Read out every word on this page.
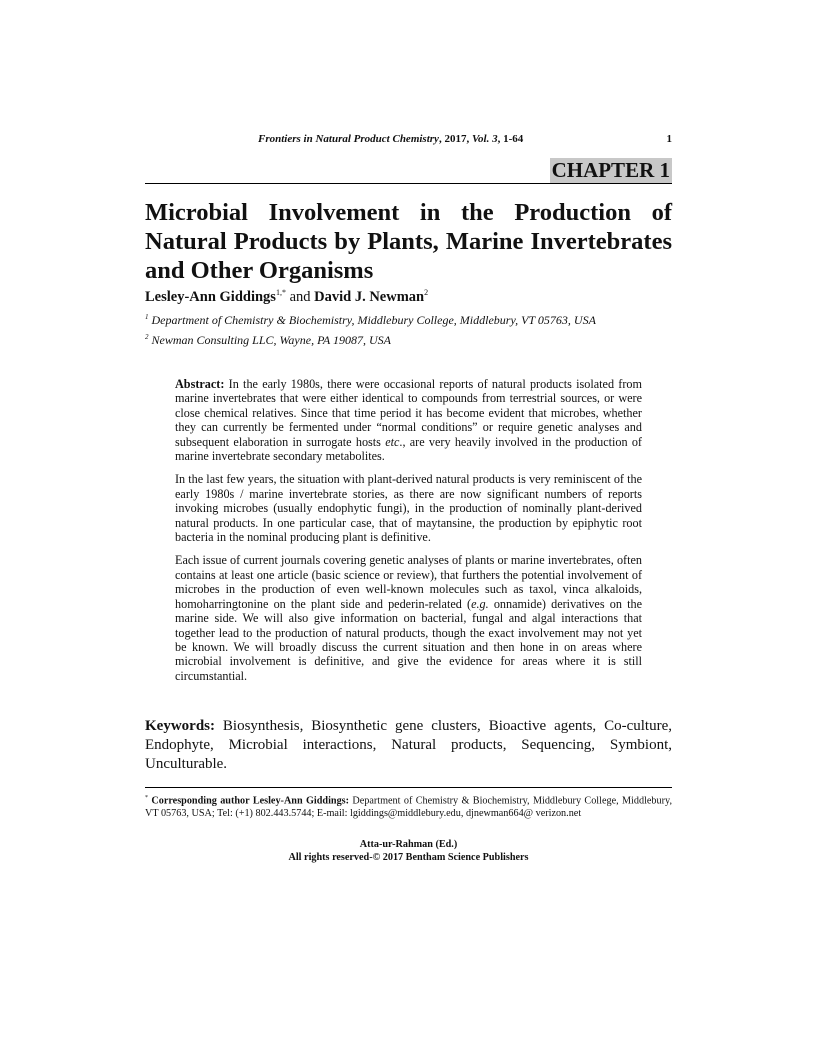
Frontiers in Natural Product Chemistry, 2017, Vol. 3, 1-64	1
CHAPTER 1
Microbial Involvement in the Production of
Natural Products by Plants, Marine Invertebrates and Other Organisms
Lesley-Ann Giddings$^{1,*}$ and David J. Newman$^2$
$^1$ Department of Chemistry & Biochemistry, Middlebury College, Middlebury, VT 05763, USA
$^2$ Newman Consulting LLC, Wayne, PA 19087, USA

Abstract: In the early 1980s, there were occasional reports of natural products isolated from marine invertebrates that were either identical to compounds from terrestrial sources, or were close chemical relatives. Since that time period it has become evident that microbes, whether they can currently be fermented under “normal conditions” or require genetic analyses and subsequent elaboration in surrogate hosts etc., are very heavily involved in the production of marine invertebrate secondary metabolites.

In the last few years, the situation with plant-derived natural products is very reminiscent of the early 1980s / marine invertebrate stories, as there are now significant numbers of reports invoking microbes (usually endophytic fungi), in the production of nominally plant-derived natural products. In one particular case, that of maytansine, the production by epiphytic root bacteria in the nominal producing plant is definitive.

Each issue of current journals covering genetic analyses of plants or marine invertebrates, often contains at least one article (basic science or review), that furthers the potential involvement of microbes in the production of even well-known molecules such as taxol, vinca alkaloids, homoharringtonine on the plant side and pederin-related (e.g. onnamide) derivatives on the marine side. We will also give information on bacterial, fungal and algal interactions that together lead to the production of natural products, though the exact involvement may not yet be known. We will broadly discuss the current situation and then hone in on areas where microbial involvement is definitive, and give the evidence for areas where it is still circumstantial.

Keywords: Biosynthesis, Biosynthetic gene clusters, Bioactive agents, Co-culture, Endophyte, Microbial interactions, Natural products, Sequencing, Symbiont, Unculturable.
* Corresponding author Lesley-Ann Giddings: Department of Chemistry & Biochemistry, Middlebury College, Middlebury, VT 05763, USA; Tel: (+1) 802.443.5744; E-mail: lgiddings@middlebury.edu, djnewman664@ verizon.net
Atta-ur-Rahman (Ed.)
All rights reserved-© 2017 Bentham Science Publishers
